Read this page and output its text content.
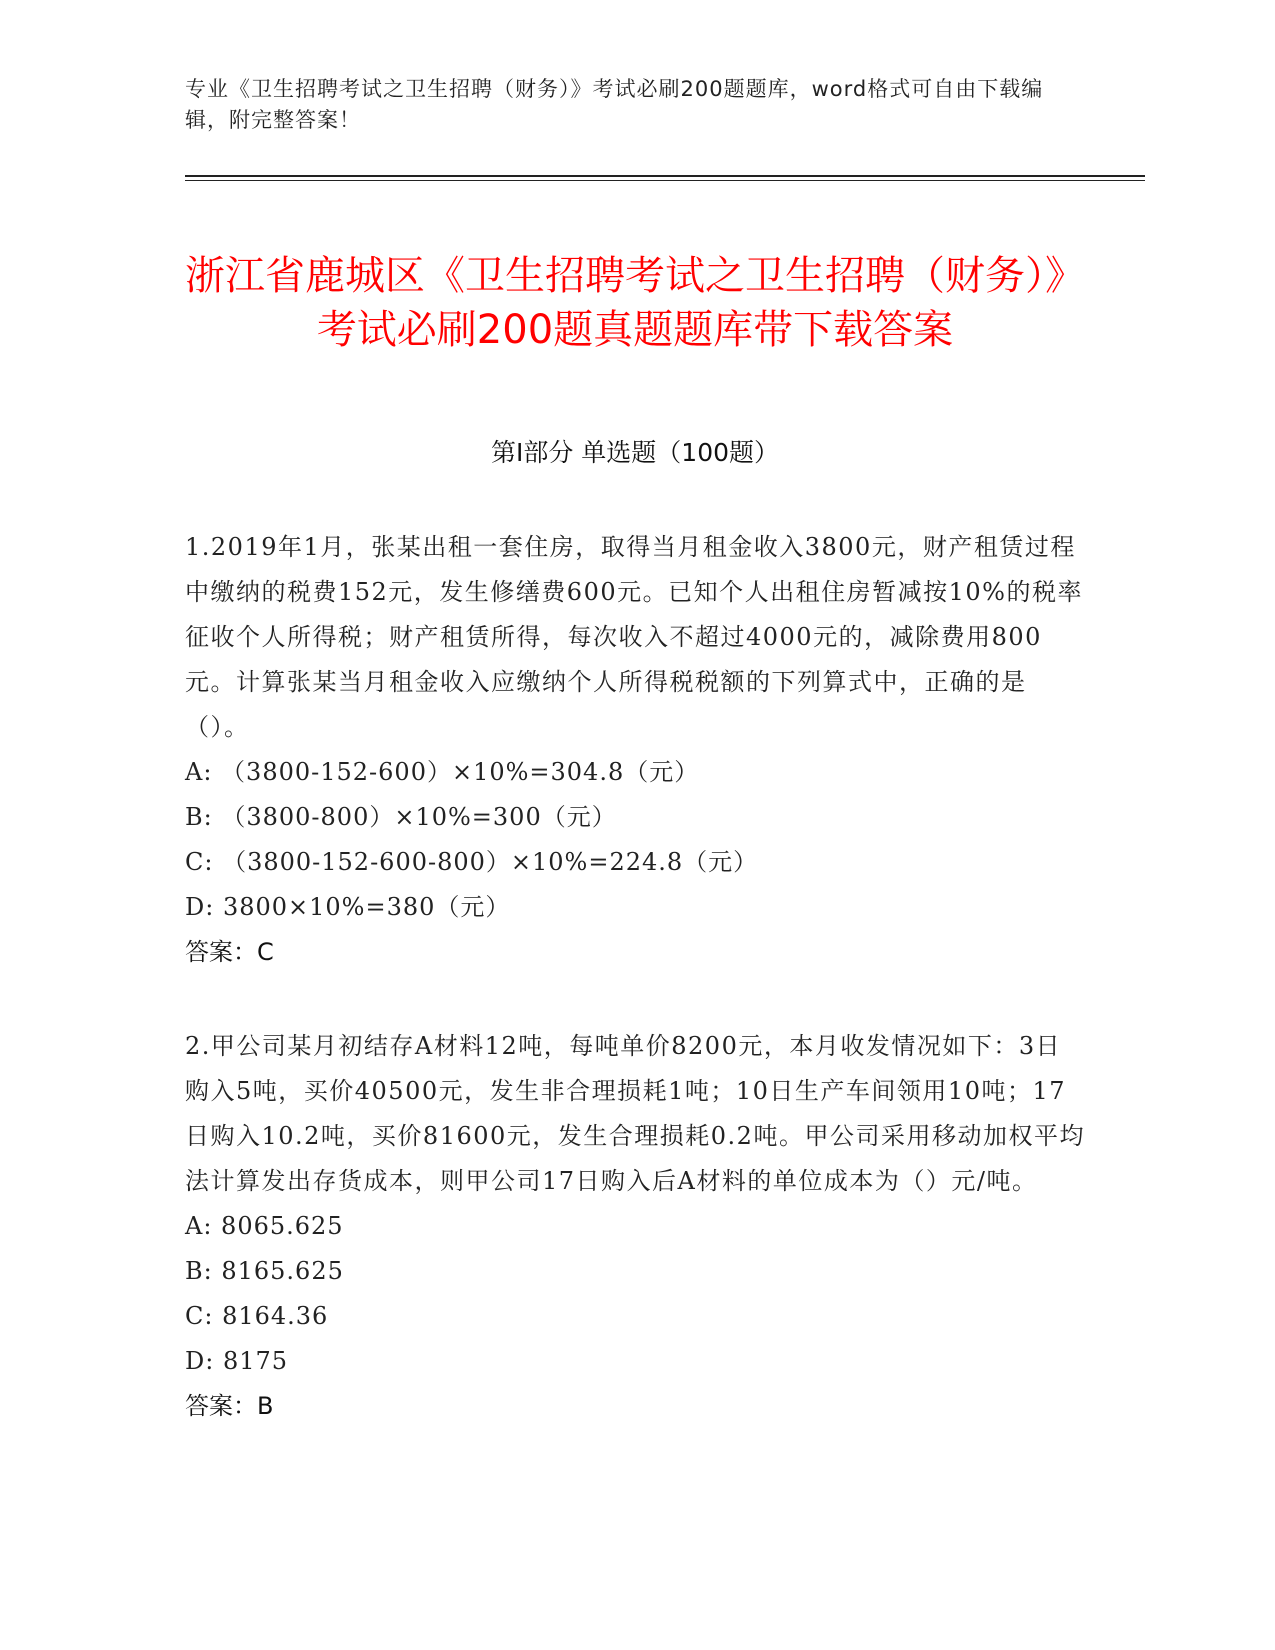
专业《卫生招聘考试之卫生招聘（财务）》考试必刷200题题库，word格式可自由下载编辑，附完整答案！
浙江省鹿城区《卫生招聘考试之卫生招聘（财务）》考试必刷200题真题题库带下载答案
第Ⅰ部分 单选题（100题）

1.2019年1月，张某出租一套住房，取得当月租金收入3800元，财产租赁过程中缴纳的税费152元，发生修缮费600元。已知个人出租住房暂减按10%的税率征收个人所得税；财产租赁所得，每次收入不超过4000元的，减除费用800元。计算张某当月租金收入应缴纳个人所得税税额的下列算式中，正确的是（）。

A: （3800-152-600）×10%=304.8（元）

B: （3800-800）×10%=300（元）

C: （3800-152-600-800）×10%=224.8（元）

D: 3800×10%=380（元）

答案：C

2.甲公司某月初结存A材料12吨，每吨单价8200元，本月收发情况如下：3日购入5吨，买价40500元，发生非合理损耗1吨；10日生产车间领用10吨；17日购入10.2吨，买价81600元，发生合理损耗0.2吨。甲公司采用移动加权平均法计算发出存货成本，则甲公司17日购入后A材料的单位成本为（）元/吨。

A: 8065.625

B: 8165.625

C: 8164.36

D: 8175

答案：B
